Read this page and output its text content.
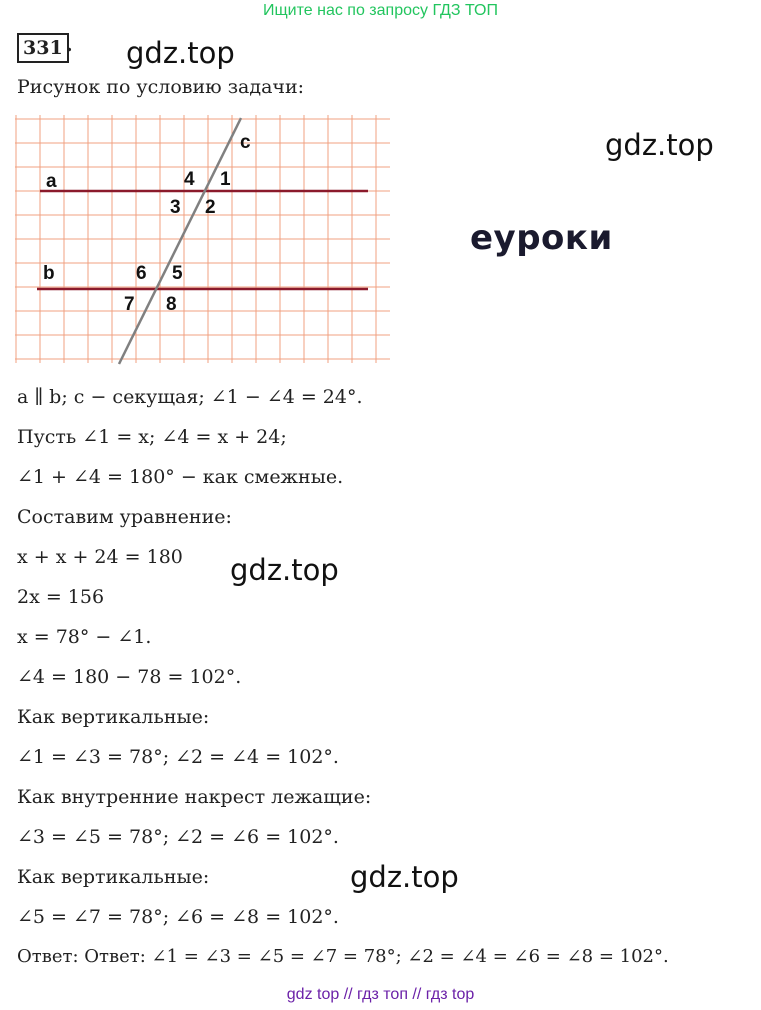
Ищите нас по запросу ГДЗ ТОП
331 . gdz.top
gdz.top
еуроки
gdz.top
gdz.top
Рисунок по условию задачи:
a
b
c
4 1
3 2
6 5
7 8
a ∥ b; c − секущая; ∠1 − ∠4 = 24°.
Пусть ∠1 = x; ∠4 = x + 24;
∠1 + ∠4 = 180° − как смежные.
Составим уравнение:
x + x + 24 = 180
2x = 156
x = 78° − ∠1.
∠4 = 180 − 78 = 102°.
Как вертикальные:
∠1 = ∠3 = 78°; ∠2 = ∠4 = 102°.
Как внутренние накрест лежащие:
∠3 = ∠5 = 78°; ∠2 = ∠6 = 102°.
Как вертикальные:
∠5 = ∠7 = 78°; ∠6 = ∠8 = 102°.
Ответ: Ответ: ∠1 = ∠3 = ∠5 = ∠7 = 78°; ∠2 = ∠4 = ∠6 = ∠8 = 102°.
gdz top // гдз топ // гдз top
